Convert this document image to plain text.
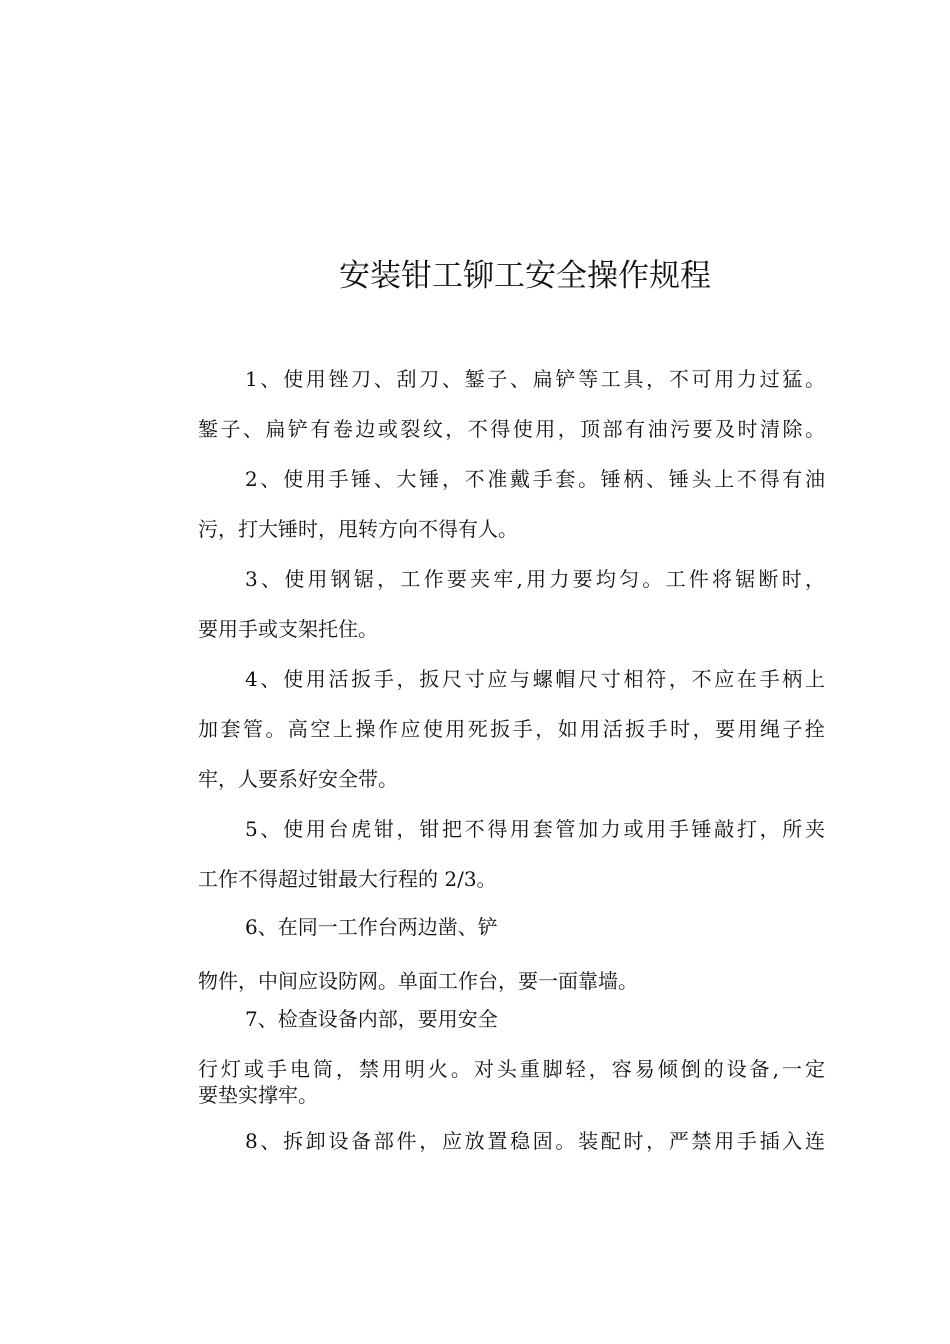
安装钳工铆工安全操作规程
1、使用锉刀、刮刀、錾子、扁铲等工具，不可用力过猛。
錾子、扁铲有卷边或裂纹，不得使用，顶部有油污要及时清除。
2、使用手锤、大锤，不准戴手套。锤柄、锤头上不得有油
污，打大锤时，甩转方向不得有人。
3、使用钢锯，工作要夹牢,用力要均匀。工件将锯断时，
要用手或支架托住。
4、使用活扳手，扳尺寸应与螺帽尺寸相符，不应在手柄上
加套管。高空上操作应使用死扳手，如用活扳手时，要用绳子拴
牢，人要系好安全带。
5、使用台虎钳，钳把不得用套管加力或用手锤敲打，所夹
工作不得超过钳最大行程的 2/3。
6、在同一工作台两边凿、铲
物件，中间应设防网。单面工作台，要一面靠墙。
7、检查设备内部，要用安全
行灯或手电筒，禁用明火。对头重脚轻，容易倾倒的设备,一定
要垫实撑牢。
8、拆卸设备部件，应放置稳固。装配时，严禁用手插入连
